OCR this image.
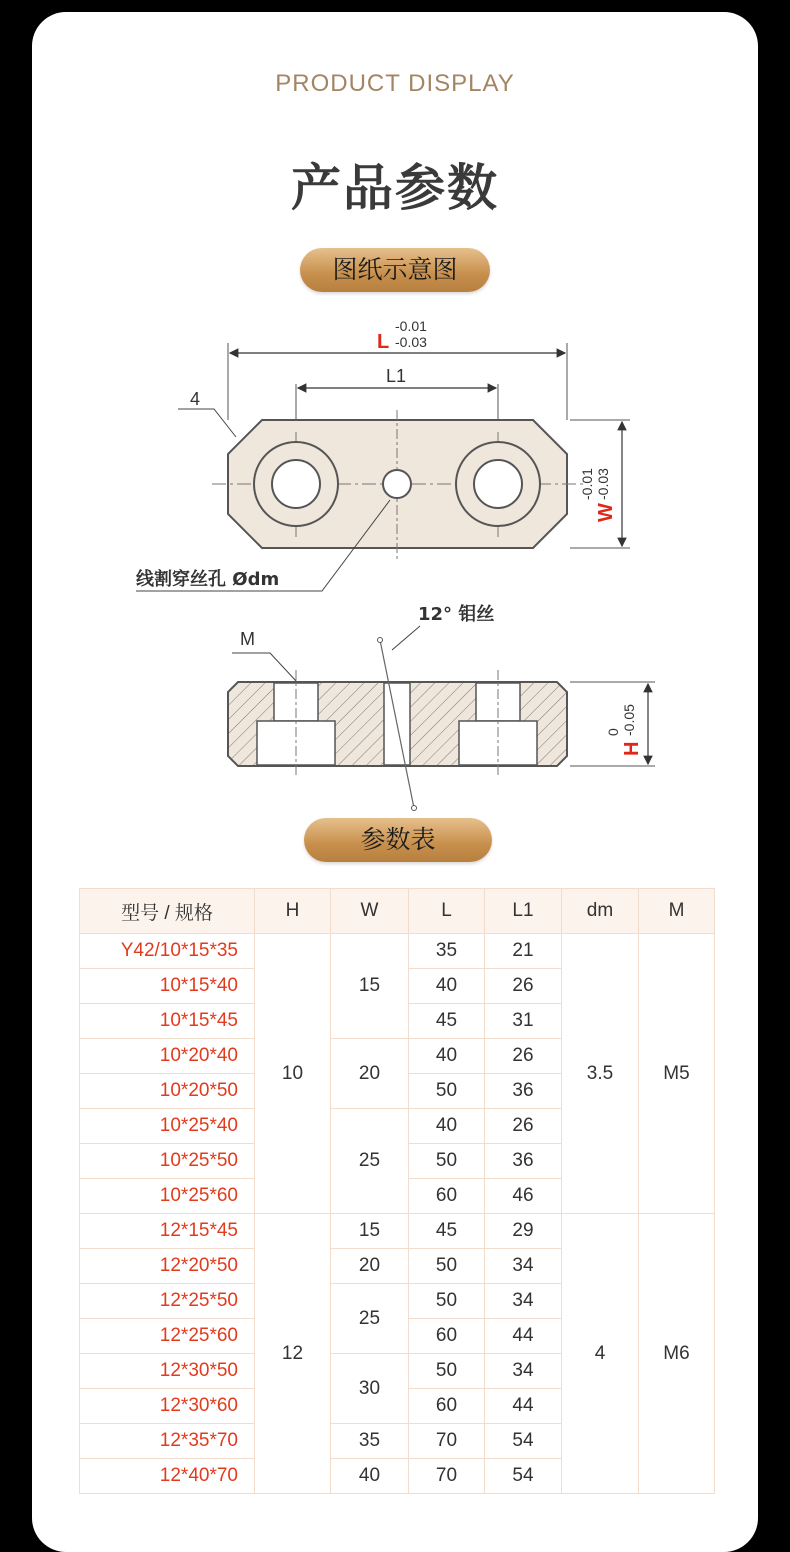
PRODUCT DISPLAY
产品参数
图纸示意图
L
-0.01
-0.03
L1
4
W
-0.01 -0.03
线割穿丝孔 Ødm
12° 钼丝
M
H
0 -0.05
参数表
型号 / 规格	H	W	L	L1	dm	M
Y42/10*15*35	10	15	35	21	3.5	M5
10*15*40			40	26		
10*15*45			45	31		
10*20*40		20	40	26		
10*20*50			50	36		
10*25*40		25	40	26		
10*25*50			50	36		
10*25*60			60	46		
12*15*45	12	15	45	29	4	M6
12*20*50		20	50	34		
12*25*50		25	50	34		
12*25*60			60	44		
12*30*50		30	50	34		
12*30*60			60	44		
12*35*70		35	70	54		
12*40*70		40	70	54		
